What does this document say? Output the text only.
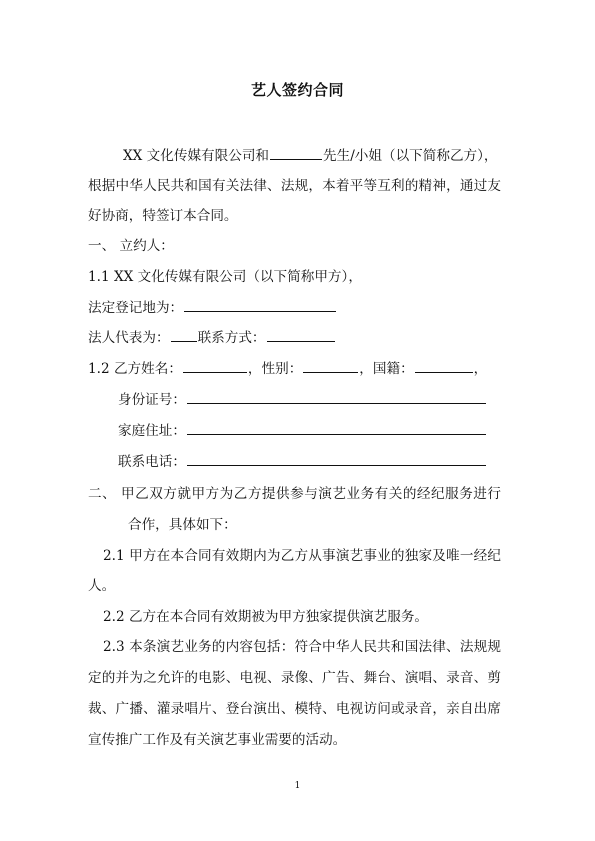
艺人签约合同
XX 文化传媒有限公司和	先生/小姐（以下简称乙方），
根据中华人民共和国有关法律、法规，本着平等互利的精神，通过友
好协商，特签订本合同。
一、 立约人：
1.1 XX 文化传媒有限公司（以下简称甲方），
法定登记地为：
法人代表为： 联系方式：
1.2 乙方姓名：	，性别：	，国籍：	，
身份证号：
家庭住址：
联系电话：
二、 甲乙双方就甲方为乙方提供参与演艺业务有关的经纪服务进行
合作，具体如下：
2.1 甲方在本合同有效期内为乙方从事演艺事业的独家及唯一经纪
人。
2.2 乙方在本合同有效期被为甲方独家提供演艺服务。
2.3 本条演艺业务的内容包括：符合中华人民共和国法律、法规规
定的并为之允许的电影、电视、录像、广告、舞台、演唱、录音、剪
裁、广播、灌录唱片、登台演出、模特、电视访问或录音，亲自出席
宣传推广工作及有关演艺事业需要的活动。
1
